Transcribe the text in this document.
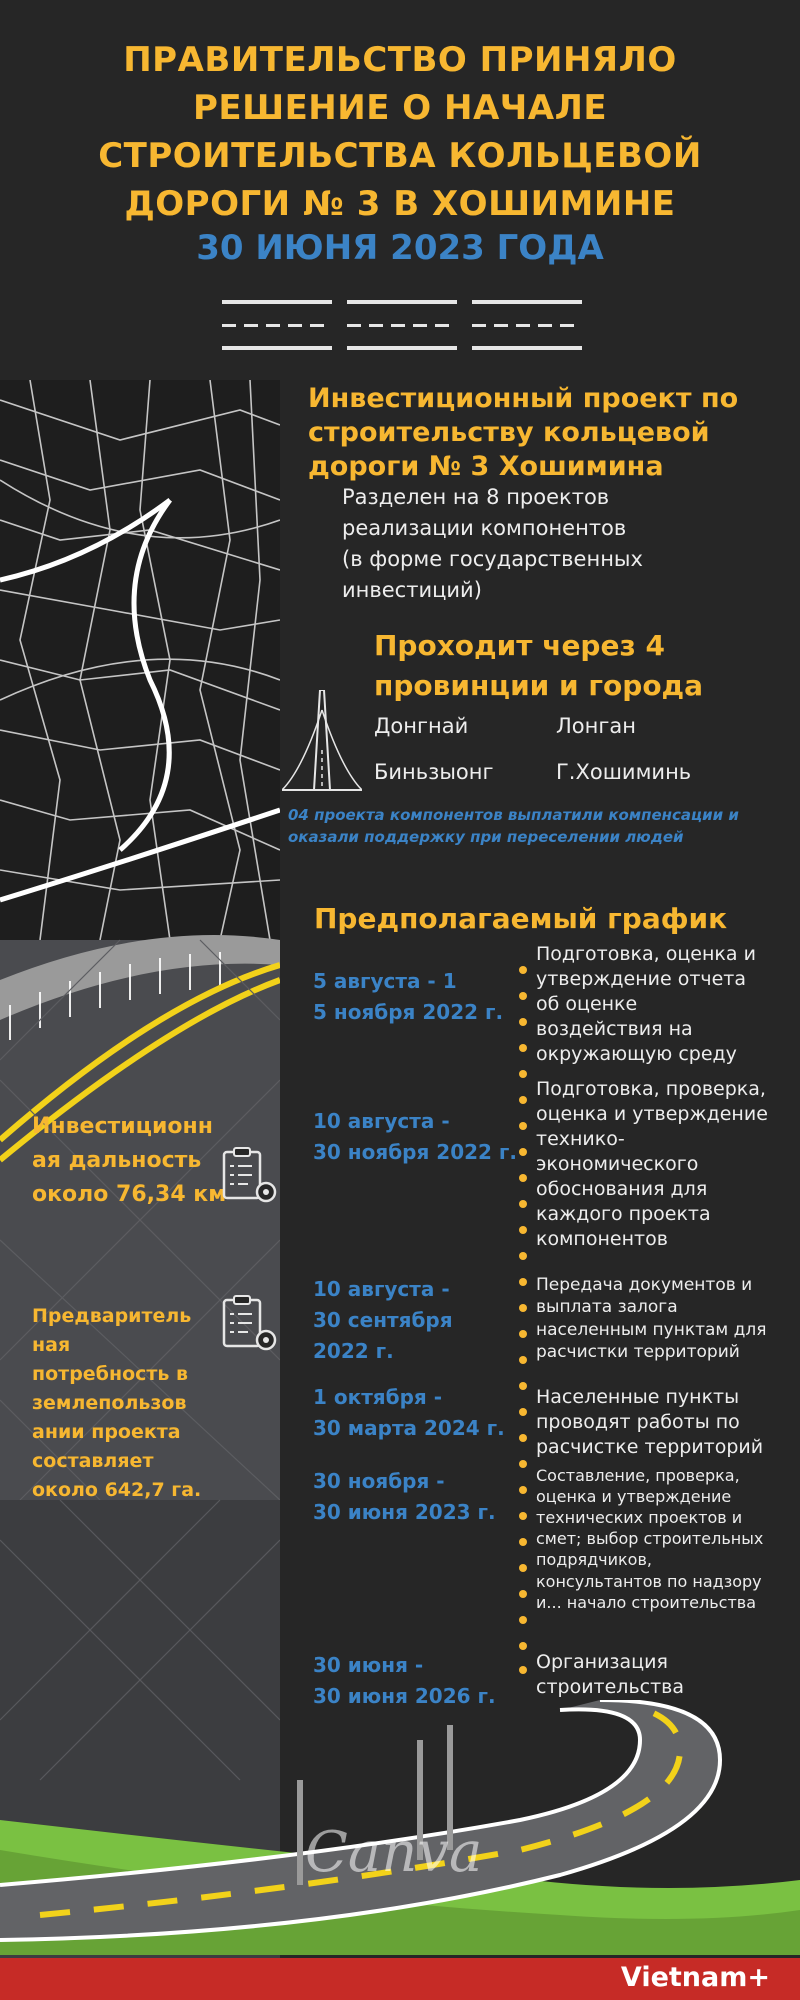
ПРАВИТЕЛЬСТВО ПРИНЯЛО
РЕШЕНИЕ О НАЧАЛЕ
СТРОИТЕЛЬСТВА КОЛЬЦЕВОЙ
ДОРОГИ № 3 В ХОШИМИНЕ
30 ИЮНЯ 2023 ГОДА
Инвестиционный проект по
строительству кольцевой
дороги № 3 Хошимина
Разделен на 8 проектов
реализации компонентов
(в форме государственных
инвестиций)
Проходит через 4
провинции и города
Донгнай	Лонган
Биньзыонг	Г.Хошиминь
04 проекта компонентов выплатили компенсации и
оказали поддержку при переселении людей
Предполагаемый график
5 августа - 1
5 ноября 2022 г.
Подготовка, оценка и
утверждение отчета
об оценке
воздействия на
окружающую среду
10 августа -
30 ноября 2022 г.
Подготовка, проверка,
оценка и утверждение
технико-
экономического
обоснования для
каждого проекта
компонентов
10 августа -
30 сентября
2022 г.
Передача документов и
выплата залога
населенным пунктам для
расчистки территорий
1 октября -
30 марта 2024 г.
Населенные пункты
проводят работы по
расчистке территорий
30 ноября -
30 июня 2023 г.
Составление, проверка,
оценка и утверждение
технических проектов и
смет; выбор строительных
подрядчиков,
консультантов по надзору
и... начало строительства
30 июня -
30 июня 2026 г.
Организация
строительства
Инвестиционн
ая дальность
около 76,34 км
Предваритель
ная
потребность в
землепользов
ании проекта
составляет
около 642,7 га.
Canva
Vietnam+
